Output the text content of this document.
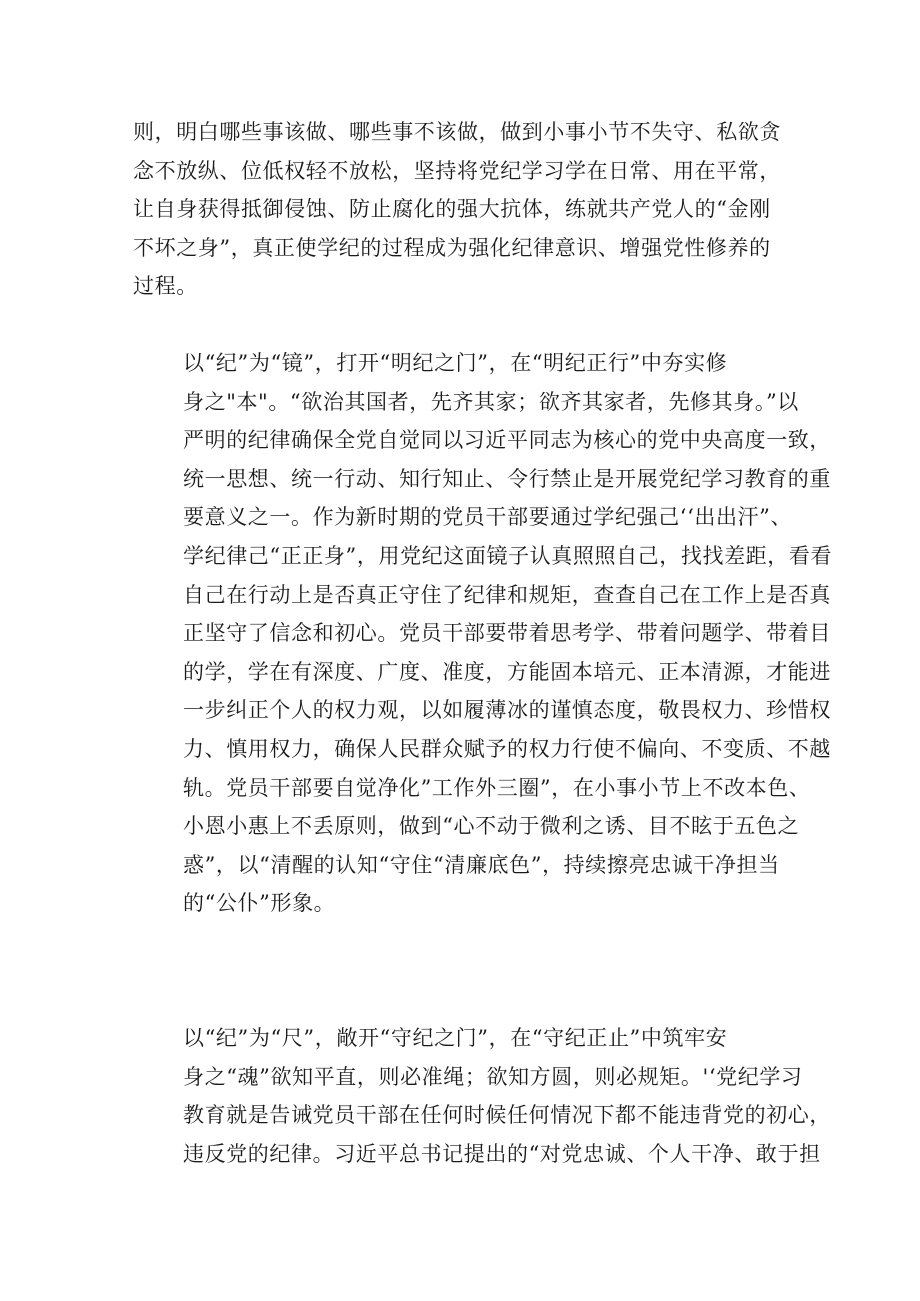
则，明白哪些事该做、哪些事不该做，做到小事小节不失守、私欲贪
念不放纵、位低权轻不放松，坚持将党纪学习学在日常、用在平常，
让自身获得抵御侵蚀、防止腐化的强大抗体，练就共产党人的“金刚
不坏之身”，真正使学纪的过程成为强化纪律意识、增强党性修养的
过程。

以“纪”为“镜”，打开“明纪之门”，在“明纪正行”中夯实修
身之"本"。“欲治其国者，先齐其家；欲齐其家者，先修其身。”以
严明的纪律确保全党自觉同以习近平同志为核心的党中央高度一致，
统一思想、统一行动、知行知止、令行禁止是开展党纪学习教育的重
要意义之一。作为新时期的党员干部要通过学纪强己‘‘出出汗”、
学纪律己“正正身”，用党纪这面镜子认真照照自己，找找差距，看看
自己在行动上是否真正守住了纪律和规矩，查查自己在工作上是否真
正坚守了信念和初心。党员干部要带着思考学、带着问题学、带着目
的学，学在有深度、广度、准度，方能固本培元、正本清源，才能进
一步纠正个人的权力观，以如履薄冰的谨慎态度，敬畏权力、珍惜权
力、慎用权力，确保人民群众赋予的权力行使不偏向、不变质、不越
轨。党员干部要自觉净化”工作外三圈”，在小事小节上不改本色、
小恩小惠上不丢原则，做到“心不动于微利之诱、目不眩于五色之
惑”，以“清醒的认知“守住“清廉底色”，持续擦亮忠诚干净担当
的“公仆”形象。

以“纪”为“尺”，敞开“守纪之门”，在“守纪正止”中筑牢安
身之“魂”欲知平直，则必准绳；欲知方圆，则必规矩。'‘党纪学习
教育就是告诫党员干部在任何时候任何情况下都不能违背党的初心，
违反党的纪律。习近平总书记提出的“对党忠诚、个人干净、敢于担
